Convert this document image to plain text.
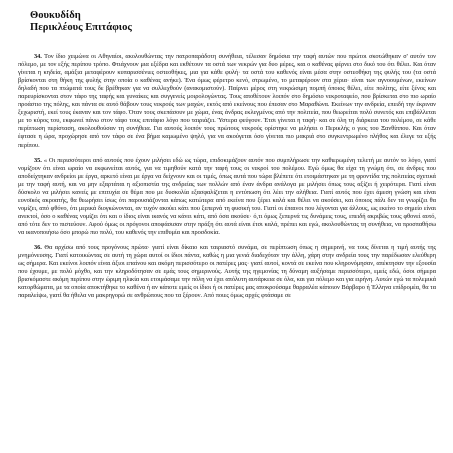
Θουκυδίδη

Περικλέους Επιτάφιος

34. Τον ίδιο χειμώνα οι Αθηναίοι, ακολουθώντας την πατροπαράδοτη συνήθεια, τέλεσαν δημόσια την ταφή αυτών που πρώτοι σκοτώθηκαν σ' αυτόν τον πόλεμο, με τον εξής περίπου τρόπο. Φτιάχνουν μια εξέδρα και εκθέτουν τα οστά των νεκρών για δυο μέρες, και ο καθένας φέρνει στο δικό του ότι θέλει. Και όταν γίνεται η κηδεία, αμάξια μεταφέρουν κυπαρισσένιες οστεοθήκες, μια για κάθε φυλή· τα οστά του καθενός είναι μέσα στην οστεοθήκη της φυλής του (τα οστά βρίσκονται στη θήκη της φυλής στην οποία ο καθένας ανήκε). Ένα όμως φέρετρο κενό, στρωμένο, το μεταφέρουν στα χέρια· είναι των αγνοουμένων, εκείνων δηλαδή που τα πτώματά τους δε βρέθηκαν για να συλλεχθούν (ανακομιστούν). Παίρνει μέρος στη νεκρώσιμη πομπή όποιος θέλει, είτε πολίτης, είτε ξένος και παρευρίσκονται στον τάφο της ταφής και γυναίκες και συγγενείς μοιρολογώντας. Τους αποθέτουν λοιπόν στο δημόσιο νεκροταφείο, που βρίσκεται στο πιο ωραίο προάστιο της πόλης, και πάντα σε αυτό θάβουν τους νεκρούς των μαχών, εκτός από εκείνους που έπεσαν στο Μαραθώνα. Εκείνων την ανδρεία, επειδή την έκριναν ξεχωριστή, εκεί τους έκαναν και τον τάφο. Όταν τους σκεπάσουν με χώμα, ένας άνδρας εκλεγμένος από την πολιτεία, που θεωρείται πολύ συνετός και επιβάλλεται με το κύρος του, εκφωνεί πάνω στον τάφο τους επιτάφιο λόγο που ταιριάζει. Ύστερα φεύγουν. Έτσι γίνεται η ταφή· και σε όλη τη διάρκεια του πολέμου, σε κάθε περίπτωση περίσταση, ακολουθούσαν τη συνήθεια. Για αυτούς λοιπόν τους πρώτους νεκρούς ορίστηκε να μιλήσει ο Περικλής ο γιος του Ξανθίππου. Και όταν έφτασε η ώρα, προχώρησε από τον τάφο σε ένα βήμα καμωμένο ψηλό, για να ακούγεται όσο γίνεται πιο μακριά στο συγκεντρωμένο πλήθος και έλεγε τα εξής περίπου.

35. « Οι περισσότεροι από αυτούς που έχουν μιλήσει εδώ ως τώρα, επιδοκιμάζουν αυτόν που συμπλήρωσε την καθιερωμένη τελετή με αυτόν το λόγο, γιατί νομίζουν ότι είναι ωραίο να εκφωνείται αυτός, για να τιμηθούν κατά την ταφή τους οι νεκροί του πολέμου. Εγώ όμως θα είχα τη γνώμη ότι, σε άνδρες που αποδείχτηκαν ανδρείοι με έργα, αρκετό είναι με έργα να δείχνουν και οι τιμές, όπως αυτά που τώρα βλέπετε ότι ετοιμάστηκαν με τη φροντίδα της πολιτείας σχετικά με την ταφή αυτή, και να μην εξαρτάται η αξιοπιστία της ανδρείας των πολλών από έναν άνδρα ανάλογα με μιλήσει όπως τους αξίζει ή χειρότερα. Γιατί είναι δύσκολο να μιλήσει κανείς με επιτυχία σε θέμα που με δυσκολία εξασφαλίζεται η εντύπωση ότι λέει την αλήθεια. Γιατί αυτός που έχει άμεση γνώση και είναι ευνοϊκός ακροατής, θα θεωρήσει ίσως ότι παρουσιάζονται κάπως κατώτερα από εκείνα που ξέρει καλά και θέλει να ακούσει, και όποιος πάλι δεν τα γνωρίζει θα νομίζει, από φθόνο, ότι μερικά διογκώνονται, αν τυχόν ακούει κάτι που ξεπερνά τη φυσική του. Γιατί οι έπαινοι που λέγονται για άλλους, ως εκείνο το σημείο είναι ανεκτοί, όσο ο καθένας νομίζει ότι και ο ίδιος είναι ικανός να κάνει κάτι, από όσα ακούσε· ό,τι όμως ξεπερνά τις δυνάμεις τους, επειδή ακριβώς τους φθονεί αυτό, από τότε δεν το πιστεύουν. Αφού όμως οι πρόγονοι αποφάσισαν στην πράξη ότι αυτά είναι έτσι καλά, πρέπει και εγώ, ακολουθώντας τη συνήθεια, να προσπαθήσω να ικανοποιήσω όσο μπορώ πιο πολύ, του καθενός την επιθυμία και προσδοκία.

36. Θα αρχίσω από τους προγόνους πρώτα· γιατί είναι δίκαιο και ταιριαστό συνάμα, σε περίπτωση όπως η σημερινή, να τους δίνεται η τιμή αυτής της μνημόνευσης. Γιατί κατοικώντας σε αυτή τη χώρα αυτοί οι ίδιοι πάντα, καθώς η μια γενιά διαδεχόταν την άλλη, χάρη στην ανδρεία τους την παρέδωσαν ελεύθερη ως σήμερα. Και εκείνοι λοιπόν είναι άξιοι επαίνου και ακόμη περισσότερο οι πατέρες μας· γιατί αυτοί, κοντά σε εκείνα που κληρονόμησαν, απέκτησαν την εξουσία που έχουμε, με πολύ μόχθο, και την κληροδότησαν σε εμάς τους σημερινούς. Αυτής της ηγεμονίας τη δύναμη αυξήσαμε περισσότερο, εμείς εδώ, όσοι σήμερα βρισκόμαστε ακόμη περίπου στην ώριμη ηλικία και ετοιμάσαμε την πόλη να έχει απόλυτη αυτάρκεια σε όλα, και για πόλεμο και για ειρήνη. Αυτών εγώ τα πολεμικά κατορθώματα, με τα οποία αποκτήθηκε το καθένα ή αν κάποτε εμείς οι ίδιοι ή οι πατέρες μας αποκρούσαμε θαρραλέα κάποιον Βάρβαρο ή Έλληνα επίδρομέα, θα τα παραλείψω, γιατί θα ήθελα να μακρηγορώ σε ανθρώπους που τα ξέρουν. Από ποιες όμως αρχές φτάσαμε σε
